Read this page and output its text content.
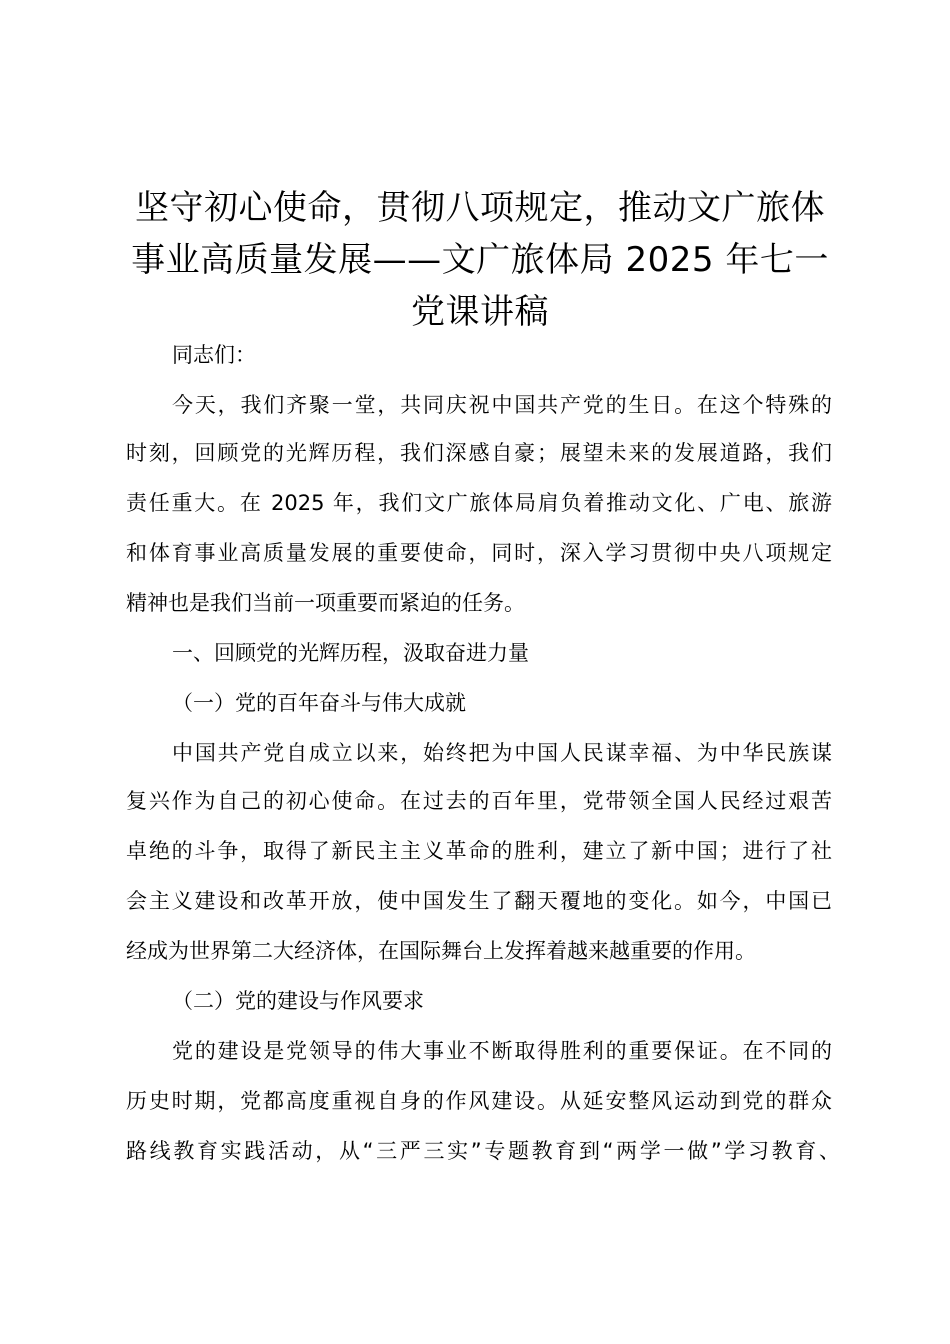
坚守初心使命，贯彻八项规定，推动文广旅体
事业高质量发展——文广旅体局 2025 年七一
党课讲稿
同志们：
今天，我们齐聚一堂，共同庆祝中国共产党的生日。在这个特殊的
时刻，回顾党的光辉历程，我们深感自豪；展望未来的发展道路，我们
责任重大。在 2025 年，我们文广旅体局肩负着推动文化、广电、旅游
和体育事业高质量发展的重要使命，同时，深入学习贯彻中央八项规定
精神也是我们当前一项重要而紧迫的任务。
一、回顾党的光辉历程，汲取奋进力量
（一）党的百年奋斗与伟大成就
中国共产党自成立以来，始终把为中国人民谋幸福、为中华民族谋
复兴作为自己的初心使命。在过去的百年里，党带领全国人民经过艰苦
卓绝的斗争，取得了新民主主义革命的胜利，建立了新中国；进行了社
会主义建设和改革开放，使中国发生了翻天覆地的变化。如今，中国已
经成为世界第二大经济体，在国际舞台上发挥着越来越重要的作用。
（二）党的建设与作风要求
党的建设是党领导的伟大事业不断取得胜利的重要保证。在不同的
历史时期，党都高度重视自身的作风建设。从延安整风运动到党的群众
路线教育实践活动，从“三严三实”专题教育到“两学一做”学习教育、
